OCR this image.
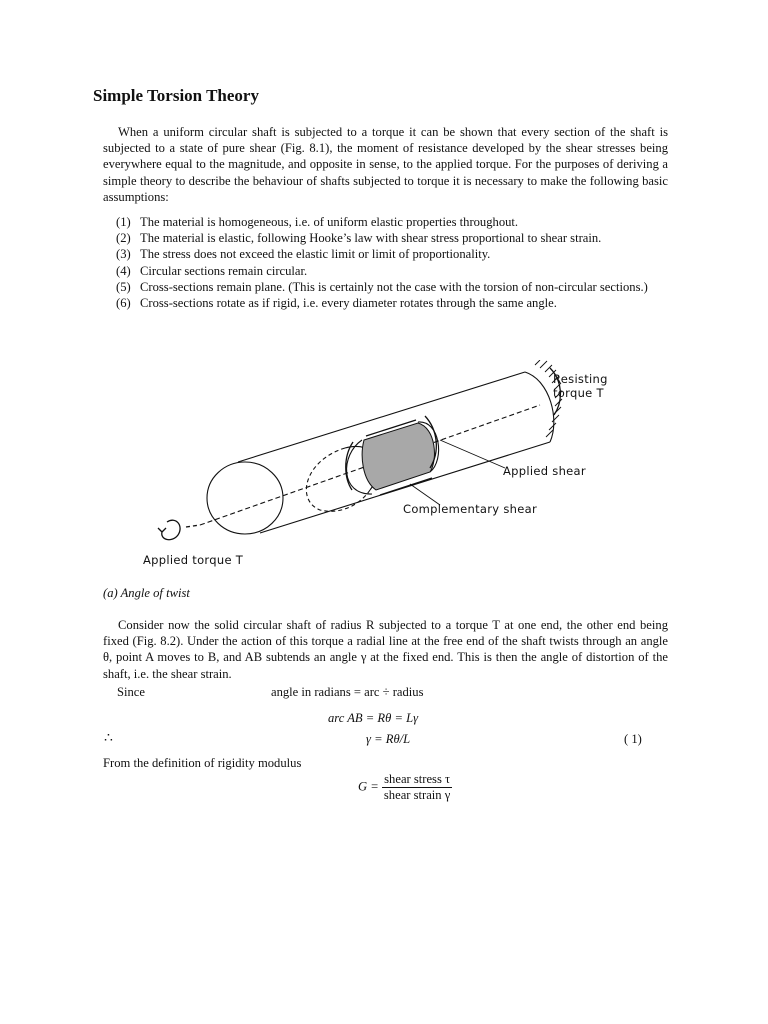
Simple Torsion Theory
When a uniform circular shaft is subjected to a torque it can be shown that every section of the shaft is subjected to a state of pure shear (Fig. 8.1), the moment of resistance developed by the shear stresses being everywhere equal to the magnitude, and opposite in sense, to the applied torque. For the purposes of deriving a simple theory to describe the behaviour of shafts subjected to torque it is necessary to make the following basic assumptions:
(1) The material is homogeneous, i.e. of uniform elastic properties throughout.
(2) The material is elastic, following Hooke’s law with shear stress proportional to shear strain.
(3) The stress does not exceed the elastic limit or limit of proportionality.
(4) Circular sections remain circular.
(5) Cross-sections remain plane. (This is certainly not the case with the torsion of non-circular sections.)
(6) Cross-sections rotate as if rigid, i.e. every diameter rotates through the same angle.
Resisting
torque T
Applied shear
Complementary shear
Applied torque T
(a) Angle of twist
Consider now the solid circular shaft of radius R subjected to a torque T at one end, the other end being fixed (Fig. 8.2). Under the action of this torque a radial line at the free end of the shaft twists through an angle θ, point A moves to B, and AB subtends an angle γ at the fixed end. This is then the angle of distortion of the shaft, i.e. the shear strain.
Since	angle in radians = arc ÷ radius
arc AB = Rθ = Lγ
∴	γ = Rθ/L	( 1)
From the definition of rigidity modulus
$G = \frac{\text{shear stress τ}}{\text{shear strain γ}}$
